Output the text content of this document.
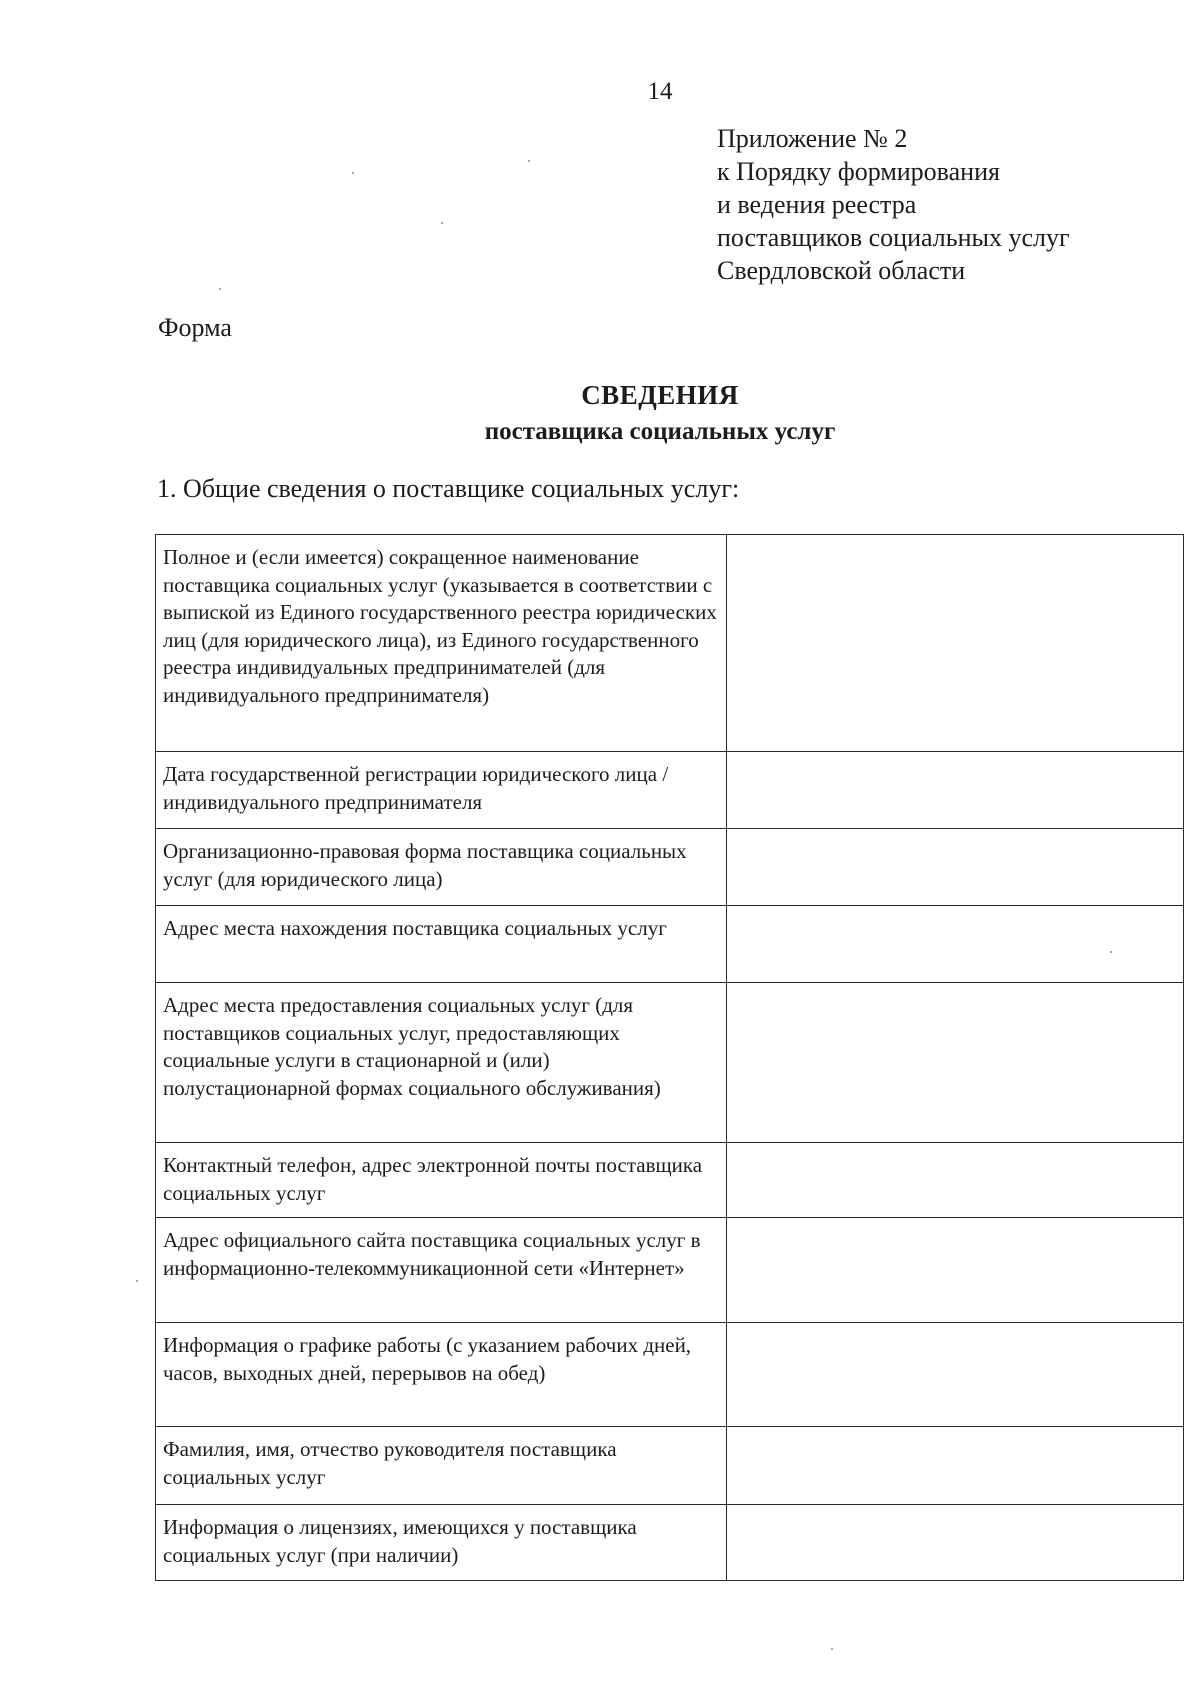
14
Приложение № 2
к Порядку формирования
и ведения реестра
поставщиков социальных услуг
Свердловской области
Форма
СВЕДЕНИЯ
поставщика социальных услуг
1. Общие сведения о поставщике социальных услуг:
Полное и (если имеется) сокращенное наименование поставщика социальных услуг (указывается в соответствии с выпиской из Единого государственного реестра юридических лиц (для юридического лица), из Единого государственного реестра индивидуальных предпринимателей (для индивидуального предпринимателя)	
Дата государственной регистрации юридического лица / индивидуального предпринимателя	
Организационно-правовая форма поставщика социальных услуг (для юридического лица)	
Адрес места нахождения поставщика социальных услуг	
Адрес места предоставления социальных услуг (для поставщиков социальных услуг, предоставляющих социальные услуги в стационарной и (или) полустационарной формах социального обслуживания)	
Контактный телефон, адрес электронной почты поставщика социальных услуг	
Адрес официального сайта поставщика социальных услуг в информационно-телекоммуникационной сети «Интернет»	
Информация о графике работы (с указанием рабочих дней, часов, выходных дней, перерывов на обед)	
Фамилия, имя, отчество руководителя поставщика социальных услуг	
Информация о лицензиях, имеющихся у поставщика социальных услуг (при наличии)	
